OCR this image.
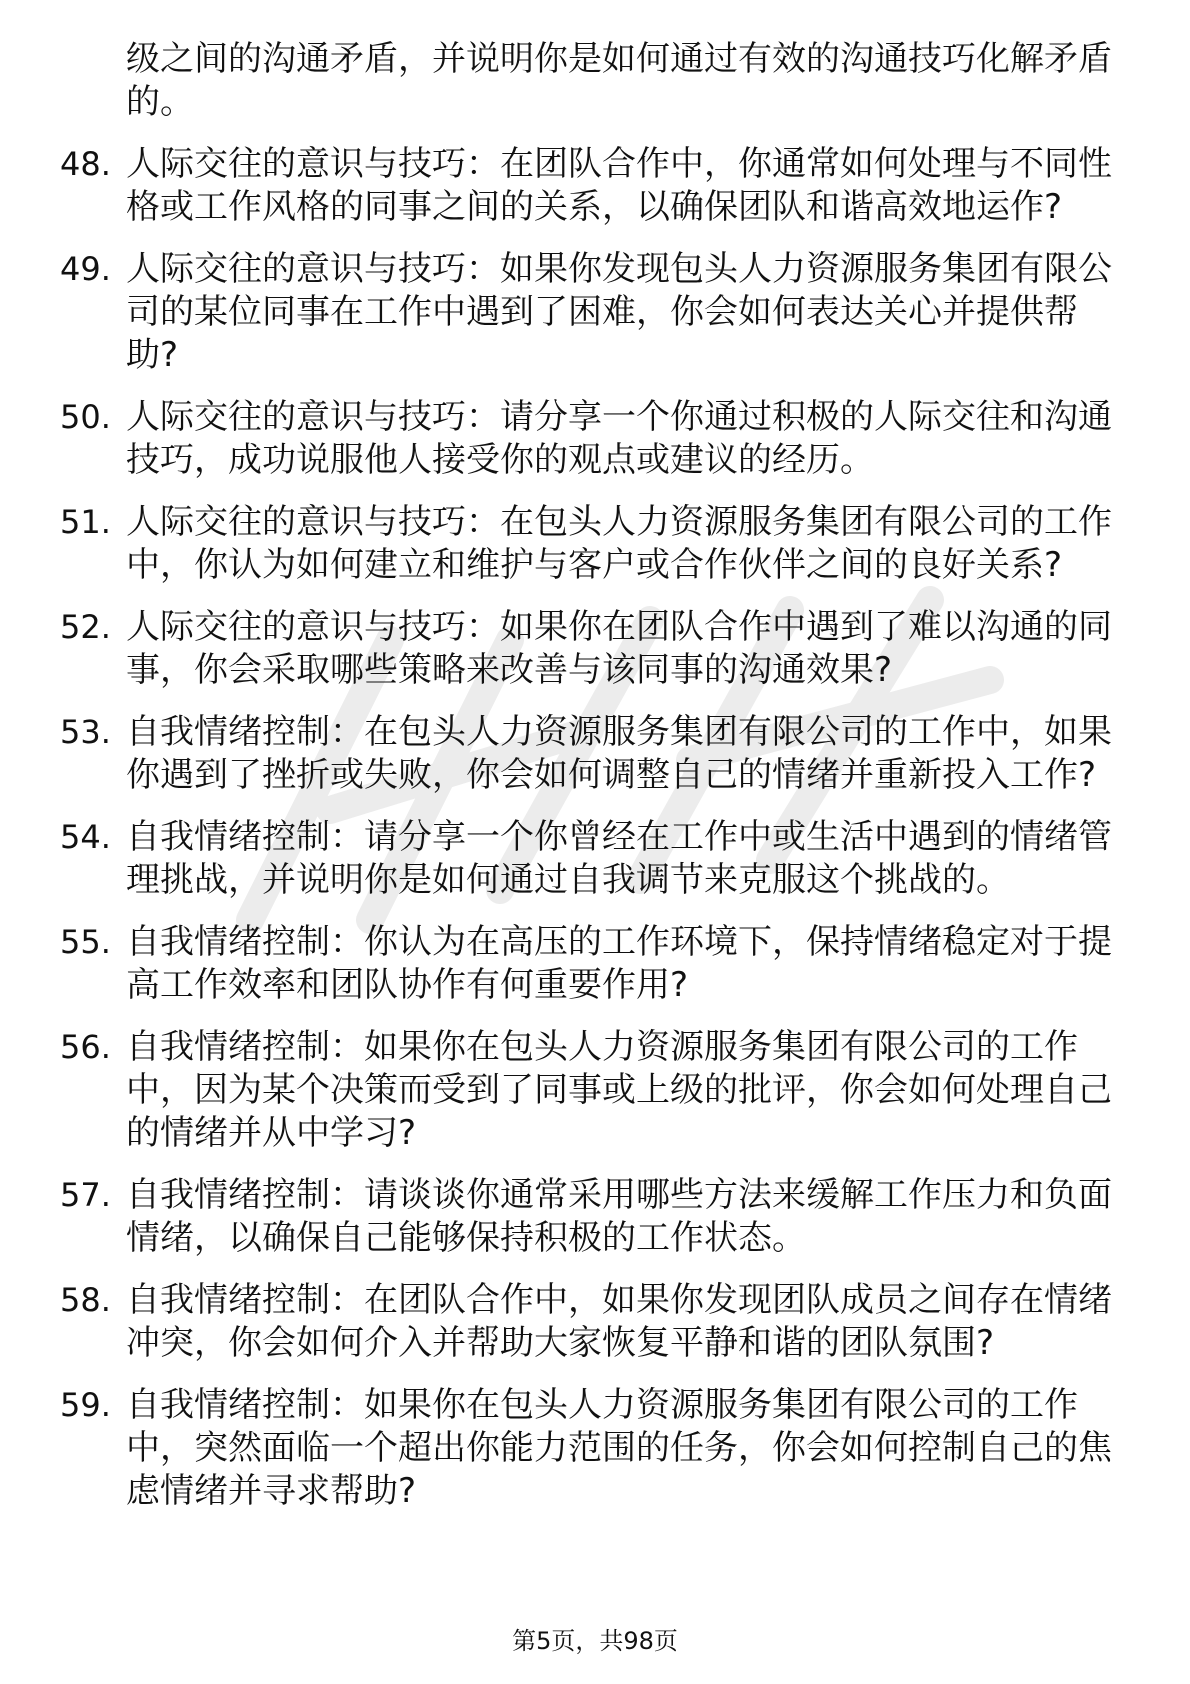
级之间的沟通矛盾，并说明你是如何通过有效的沟通技巧化解矛盾的。
48. 人际交往的意识与技巧：在团队合作中，你通常如何处理与不同性格或工作风格的同事之间的关系，以确保团队和谐高效地运作?
49. 人际交往的意识与技巧：如果你发现包头人力资源服务集团有限公司的某位同事在工作中遇到了困难，你会如何表达关心并提供帮助?
50. 人际交往的意识与技巧：请分享一个你通过积极的人际交往和沟通技巧，成功说服他人接受你的观点或建议的经历。
51. 人际交往的意识与技巧：在包头人力资源服务集团有限公司的工作中，你认为如何建立和维护与客户或合作伙伴之间的良好关系?
52. 人际交往的意识与技巧：如果你在团队合作中遇到了难以沟通的同事，你会采取哪些策略来改善与该同事的沟通效果?
53. 自我情绪控制：在包头人力资源服务集团有限公司的工作中，如果你遇到了挫折或失败，你会如何调整自己的情绪并重新投入工作?
54. 自我情绪控制：请分享一个你曾经在工作中或生活中遇到的情绪管理挑战，并说明你是如何通过自我调节来克服这个挑战的。
55. 自我情绪控制：你认为在高压的工作环境下，保持情绪稳定对于提高工作效率和团队协作有何重要作用?
56. 自我情绪控制：如果你在包头人力资源服务集团有限公司的工作中，因为某个决策而受到了同事或上级的批评，你会如何处理自己的情绪并从中学习?
57. 自我情绪控制：请谈谈你通常采用哪些方法来缓解工作压力和负面情绪，以确保自己能够保持积极的工作状态。
58. 自我情绪控制：在团队合作中，如果你发现团队成员之间存在情绪冲突，你会如何介入并帮助大家恢复平静和谐的团队氛围?
59. 自我情绪控制：如果你在包头人力资源服务集团有限公司的工作中，突然面临一个超出你能力范围的任务，你会如何控制自己的焦虑情绪并寻求帮助?
第5页，共98页
